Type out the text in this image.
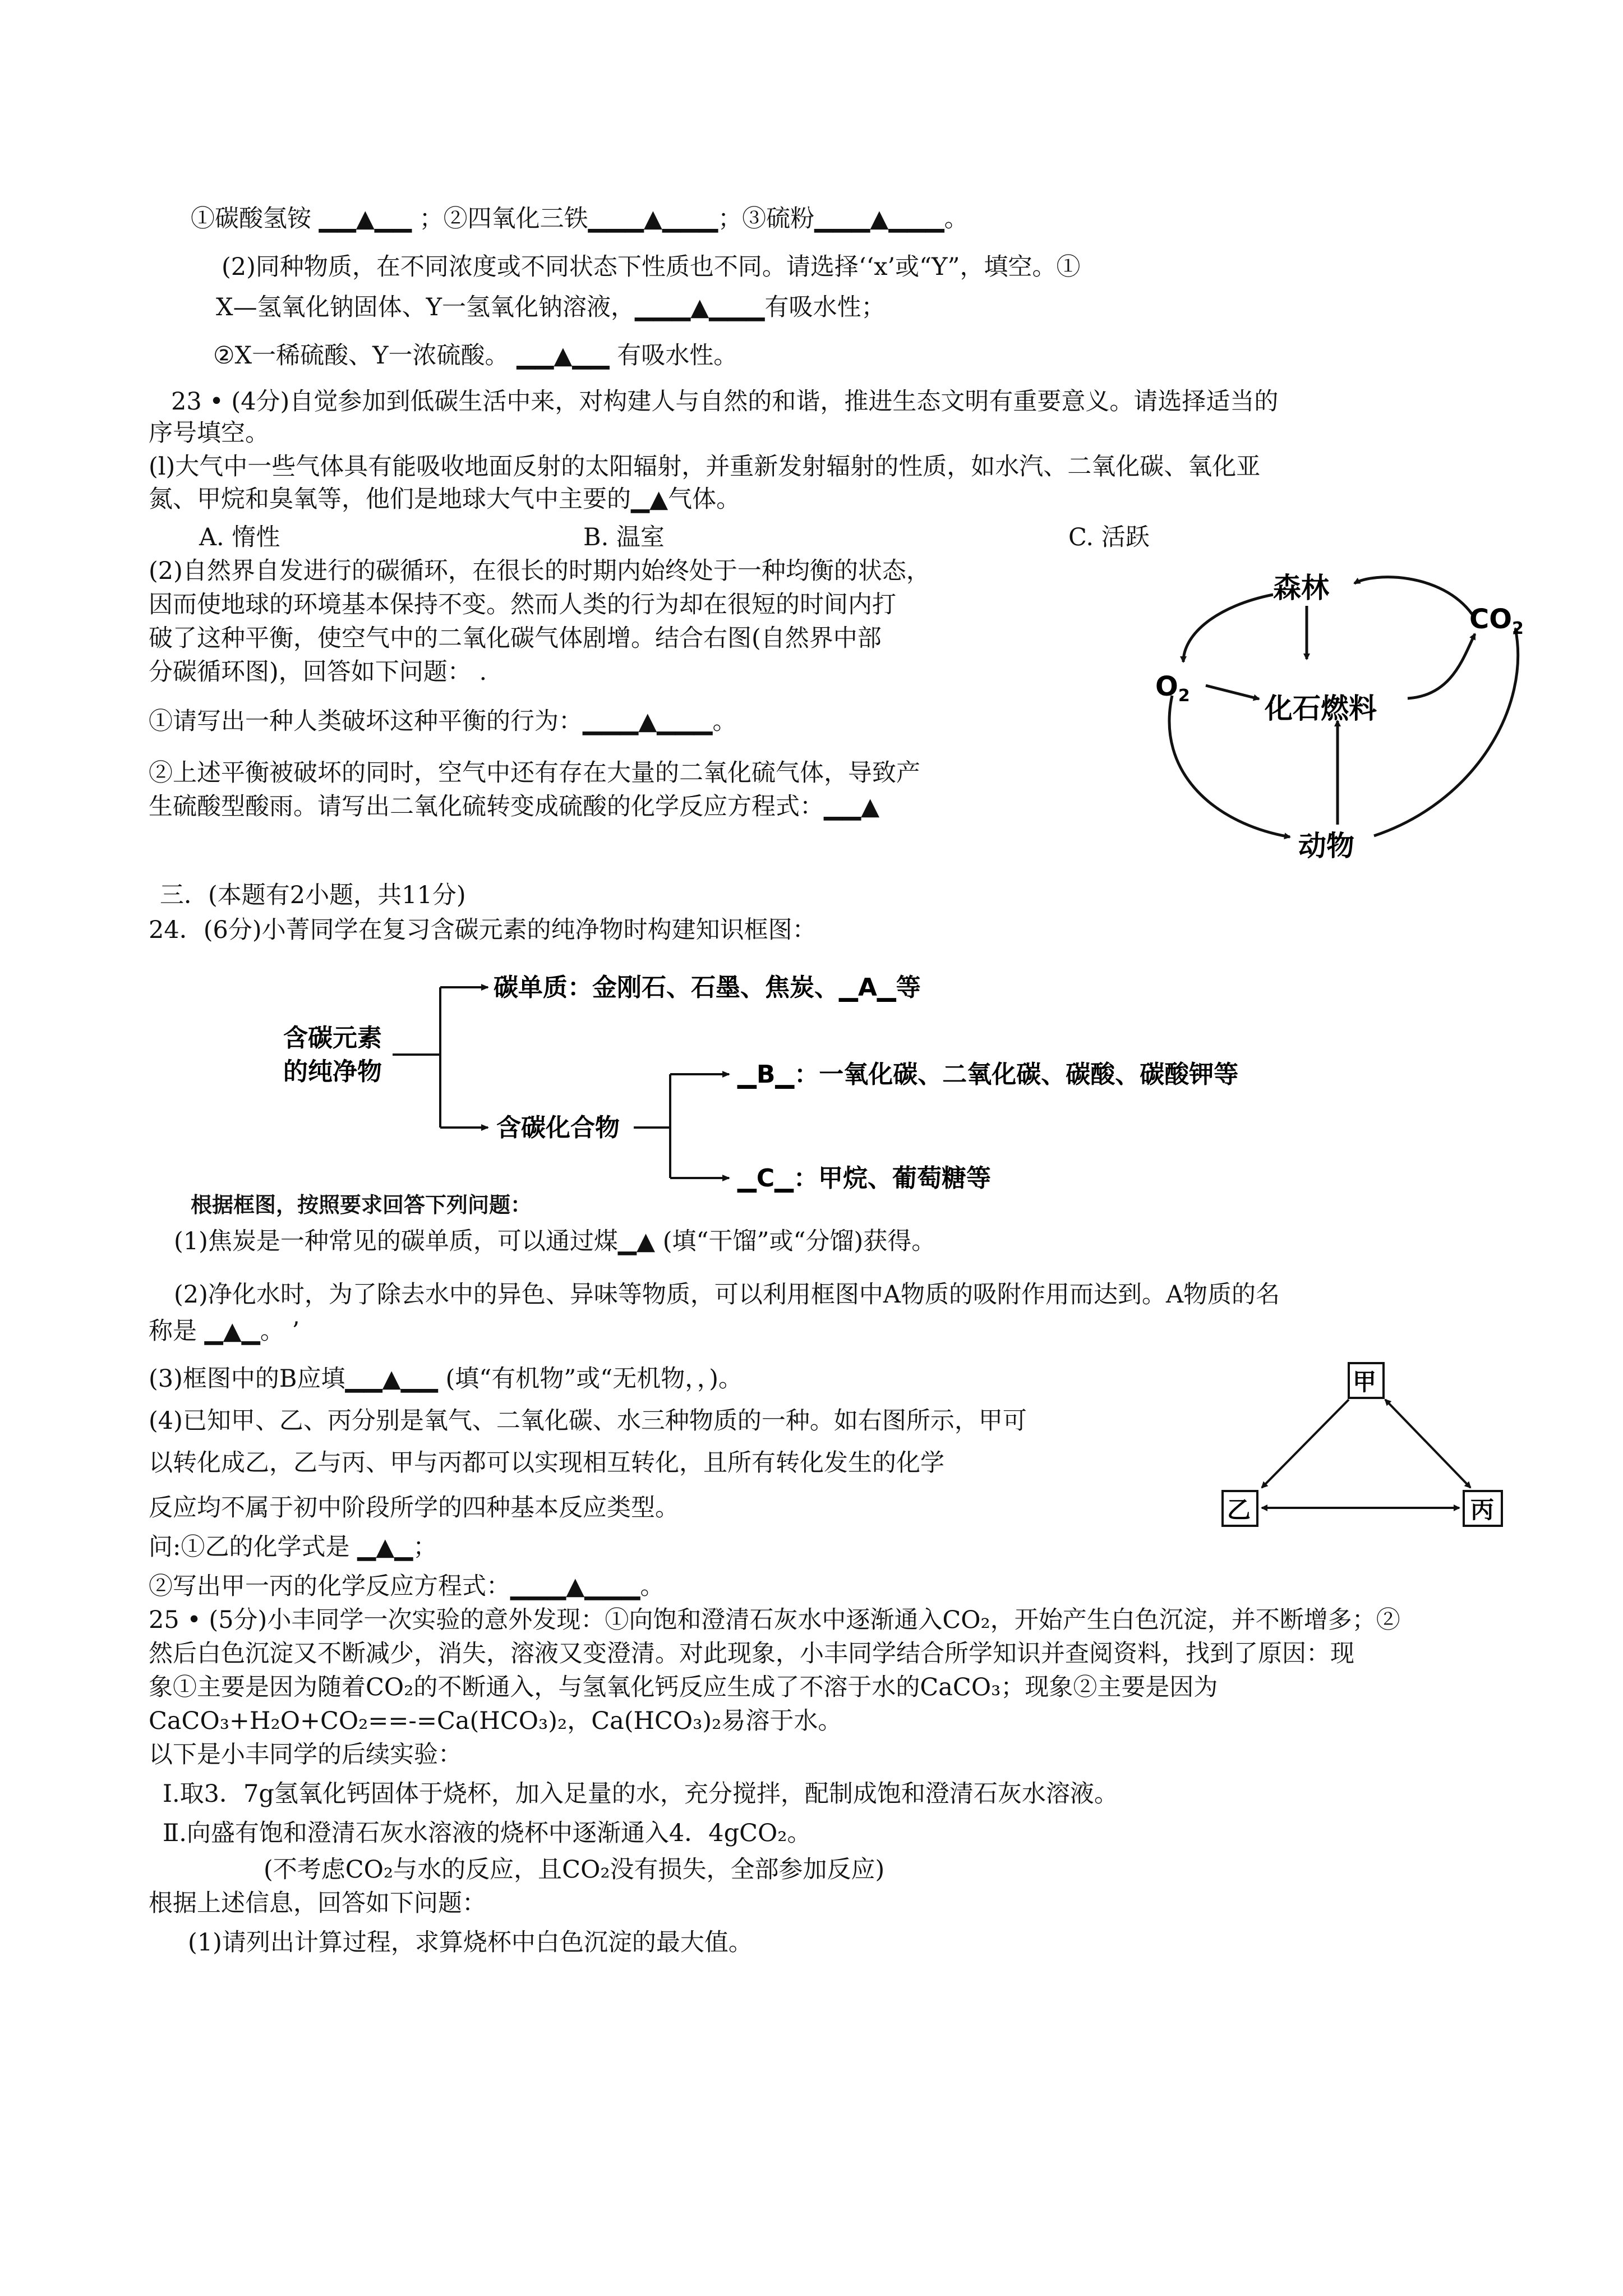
①碳酸氢铵 ▁▁▲▁▁ ；②四氧化三铁▁▁▁▲▁▁▁；③硫粉▁▁▁▲▁▁▁。
(2)同种物质，在不同浓度或不同状态下性质也不同。请选择‘‘x’或“Y”，填空。①
X—氢氧化钠固体、Y一氢氧化钠溶液，▁▁▁▲▁▁▁有吸水性；
②X一稀硫酸、Y一浓硫酸。 ▁▁▲▁▁ 有吸水性。
23 • (4分)自觉参加到低碳生活中来，对构建人与自然的和谐，推进生态文明有重要意义。请选择适当的
序号填空。
(l)大气中一些气体具有能吸收地面反射的太阳辐射，并重新发射辐射的性质，如水汽、二氧化碳、氧化亚
氮、甲烷和臭氧等，他们是地球大气中主要的▁▲气体。
A. 惰性	B. 温室	C. 活跃
(2)自然界自发进行的碳循环，在很长的时期内始终处于一种均衡的状态，
因而使地球的环境基本保持不变。然而人类的行为却在很短的时间内打
破了这种平衡，使空气中的二氧化碳气体剧增。结合右图(自然界中部
分碳循环图)，回答如下问题： .
①请写出一种人类破坏这种平衡的行为：▁▁▁▲▁▁▁。
②上述平衡被破坏的同时，空气中还有存在大量的二氧化硫气体，导致产
生硫酸型酸雨。请写出二氧化硫转变成硫酸的化学反应方程式：▁▁▲
森林
$CO_2$
$O_2$	化石燃料
动物
三．(本题有2小题，共11分)
24．(6分)小菁同学在复习含碳元素的纯净物时构建知识框图：
含碳元素
的纯净物
碳单质：金刚石、石墨、焦炭、▁A▁等
含碳化合物
▁B▁：一氧化碳、二氧化碳、碳酸、碳酸钾等
▁C▁：甲烷、葡萄糖等
根据框图，按照要求回答下列问题：
(1)焦炭是一种常见的碳单质，可以通过煤▁▲ (填“干馏”或“分馏)获得。
(2)净化水时，为了除去水中的异色、异味等物质，可以利用框图中A物质的吸附作用而达到。A物质的名
称是 ▁▲▁。 ’
(3)框图中的B应填▁▁▲▁▁ (填“有机物”或“无机物，，)。
(4)已知甲、乙、丙分别是氧气、二氧化碳、水三种物质的一种。如右图所示，甲可
以转化成乙，乙与丙、甲与丙都可以实现相互转化，且所有转化发生的化学
反应均不属于初中阶段所学的四种基本反应类型。
问:①乙的化学式是 ▁▲▁；
②写出甲一丙的化学反应方程式：▁▁▁▲▁▁▁。
甲
乙	丙
25 • (5分)小丰同学一次实验的意外发现：①向饱和澄清石灰水中逐渐通入CO₂，开始产生白色沉淀，并不断增多；②
然后白色沉淀又不断减少，消失，溶液又变澄清。对此现象，小丰同学结合所学知识并查阅资料，找到了原因：现
象①主要是因为随着CO₂的不断通入，与氢氧化钙反应生成了不溶于水的CaCO₃；现象②主要是因为
CaCO₃+H₂O+CO₂==-=Ca(HCO₃)₂，Ca(HCO₃)₂易溶于水。
以下是小丰同学的后续实验：
Ⅰ.取3．7g氢氧化钙固体于烧杯，加入足量的水，充分搅拌，配制成饱和澄清石灰水溶液。
Ⅱ.向盛有饱和澄清石灰水溶液的烧杯中逐渐通入4．4gCO₂。
(不考虑CO₂与水的反应，且CO₂没有损失，全部参加反应)
根据上述信息，回答如下问题：
(1)请列出计算过程，求算烧杯中白色沉淀的最大值。
